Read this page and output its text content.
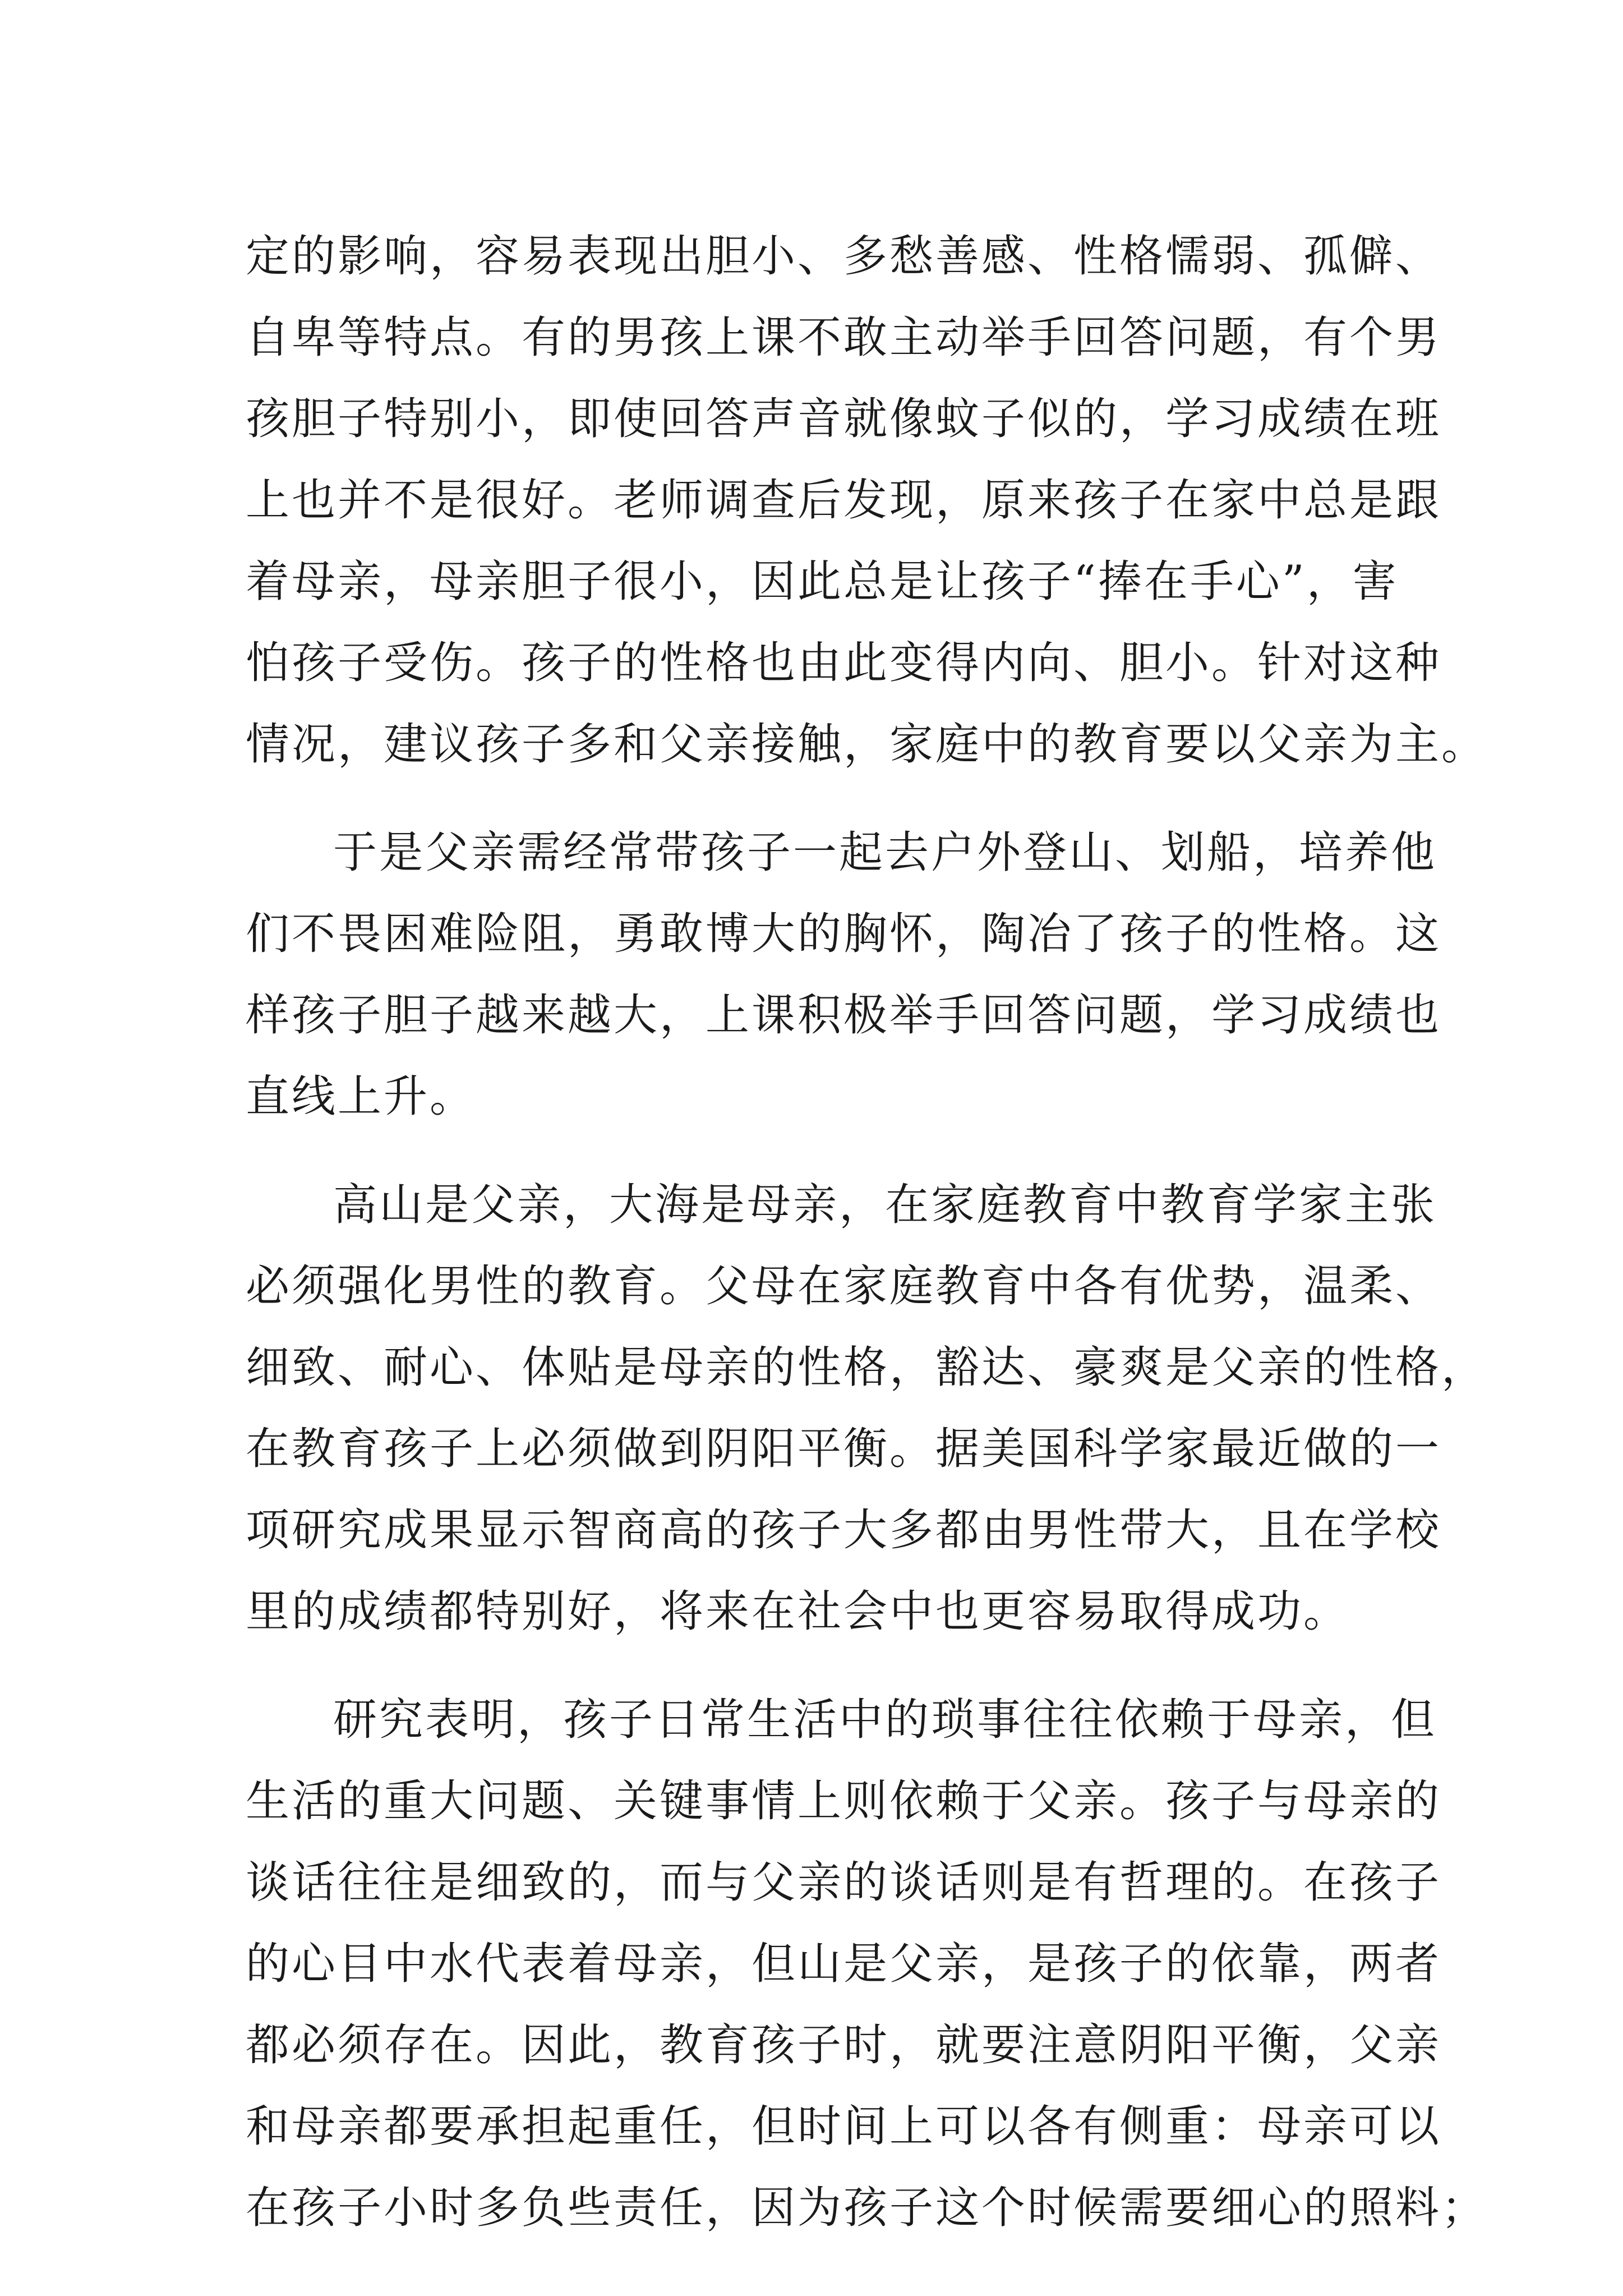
定的影响，容易表现出胆小、多愁善感、性格懦弱、孤僻、
自卑等特点。有的男孩上课不敢主动举手回答问题，有个男
孩胆子特别小，即使回答声音就像蚊子似的，学习成绩在班
上也并不是很好。老师调查后发现，原来孩子在家中总是跟
着母亲，母亲胆子很小，因此总是让孩子“捧在手心”，害
怕孩子受伤。孩子的性格也由此变得内向、胆小。针对这种
情况，建议孩子多和父亲接触，家庭中的教育要以父亲为主。
于是父亲需经常带孩子一起去户外登山、划船，培养他
们不畏困难险阻，勇敢博大的胸怀，陶冶了孩子的性格。这
样孩子胆子越来越大，上课积极举手回答问题，学习成绩也
直线上升。
高山是父亲，大海是母亲，在家庭教育中教育学家主张
必须强化男性的教育。父母在家庭教育中各有优势，温柔、
细致、耐心、体贴是母亲的性格，豁达、豪爽是父亲的性格，
在教育孩子上必须做到阴阳平衡。据美国科学家最近做的一
项研究成果显示智商高的孩子大多都由男性带大，且在学校
里的成绩都特别好，将来在社会中也更容易取得成功。
研究表明，孩子日常生活中的琐事往往依赖于母亲，但
生活的重大问题、关键事情上则依赖于父亲。孩子与母亲的
谈话往往是细致的，而与父亲的谈话则是有哲理的。在孩子
的心目中水代表着母亲，但山是父亲，是孩子的依靠，两者
都必须存在。因此，教育孩子时，就要注意阴阳平衡，父亲
和母亲都要承担起重任，但时间上可以各有侧重：母亲可以
在孩子小时多负些责任，因为孩子这个时候需要细心的照料；
